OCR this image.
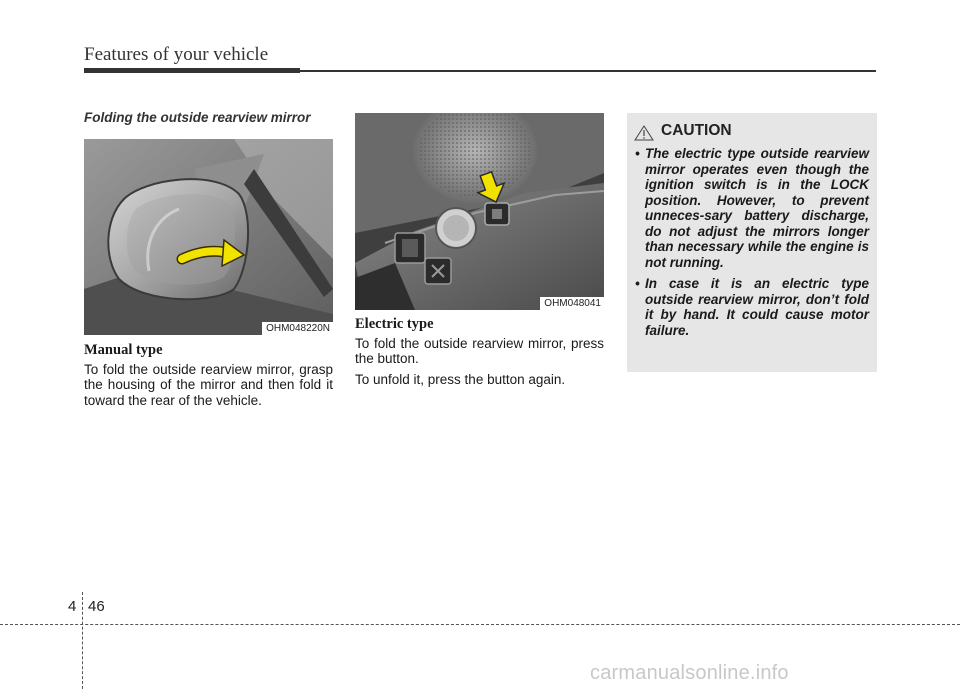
Features of your vehicle
Folding the outside rearview mirror
OHM048220N
OHM048041
Manual type

To fold the outside rearview mirror, grasp the housing of the mirror and then fold it toward the rear of the vehicle.

Electric type

To fold the outside rearview mirror, press the button.

To unfold it, press the button again.

CAUTION
• The electric type outside rearview mirror operates even though the ignition switch is in the LOCK position. However, to prevent unneces-sary battery discharge, do not adjust the mirrors longer than necessary while the engine is not running.
• In case it is an electric type outside rearview mirror, don’t fold it by hand. It could cause motor failure.
4 46
carmanualsonline.info
